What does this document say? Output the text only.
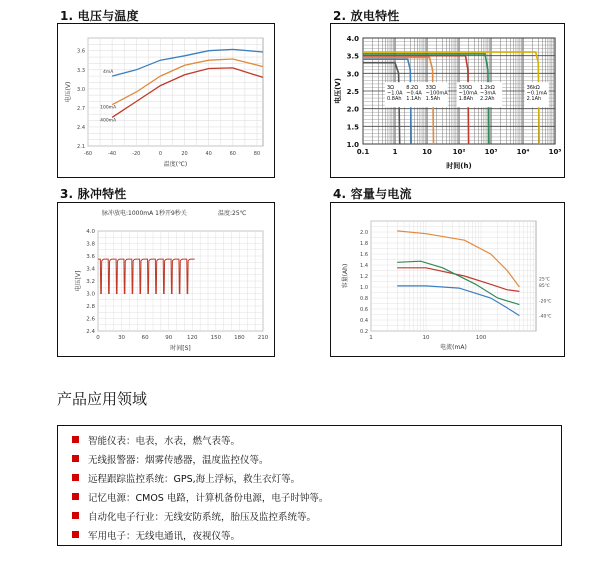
1. 电压与温度	2. 放电特性
3. 脉冲特性	4. 容量与电流
-60	-40	-20	0	20	40	60	80
2.1
2.4
2.7
3.0
3.3
3.6
温度(℃)
电压(V)
4mA
100mA
400mA
0.1	1	10	10²	10³	10⁴	10⁵
1.0
1.5
2.0
2.5
3.0
3.5
4.0
时间(h)
电压(V)	3Ω
~1.0A
0.8Ah
8.2Ω
~0.4A
1.1Ah
33Ω
~100mA
1.5Ah
330Ω
~10mA
1.8Ah
1.2kΩ
~3mA
2.2Ah
36kΩ
~0.1mA
2.1Ah
脉冲放电:1000mA 1秒开9秒关	温度:25℃
0	30	60	90	120 150 180 210
2.4
2.6
2.8
3.0
3.2
3.4
3.6
3.8
4.0
时间[S]
电压[V]
1	10	100
0.2
0.4
0.6
0.8
1.0
1.2
1.4
1.6
1.8
2.0
电流(mA)
容量(Ah)	25℃
85℃
-20℃
-40℃
产品应用领域
智能仪表：电表，水表，燃气表等。
无线报警器：烟雾传感器，温度监控仪等。
远程跟踪监控系统：GPS,海上浮标，救生衣灯等。
记忆电源：CMOS 电路，计算机备份电源，电子时钟等。
自动化电子行业：无线安防系统，胎压及监控系统等。
军用电子：无线电通讯，夜视仪等。
